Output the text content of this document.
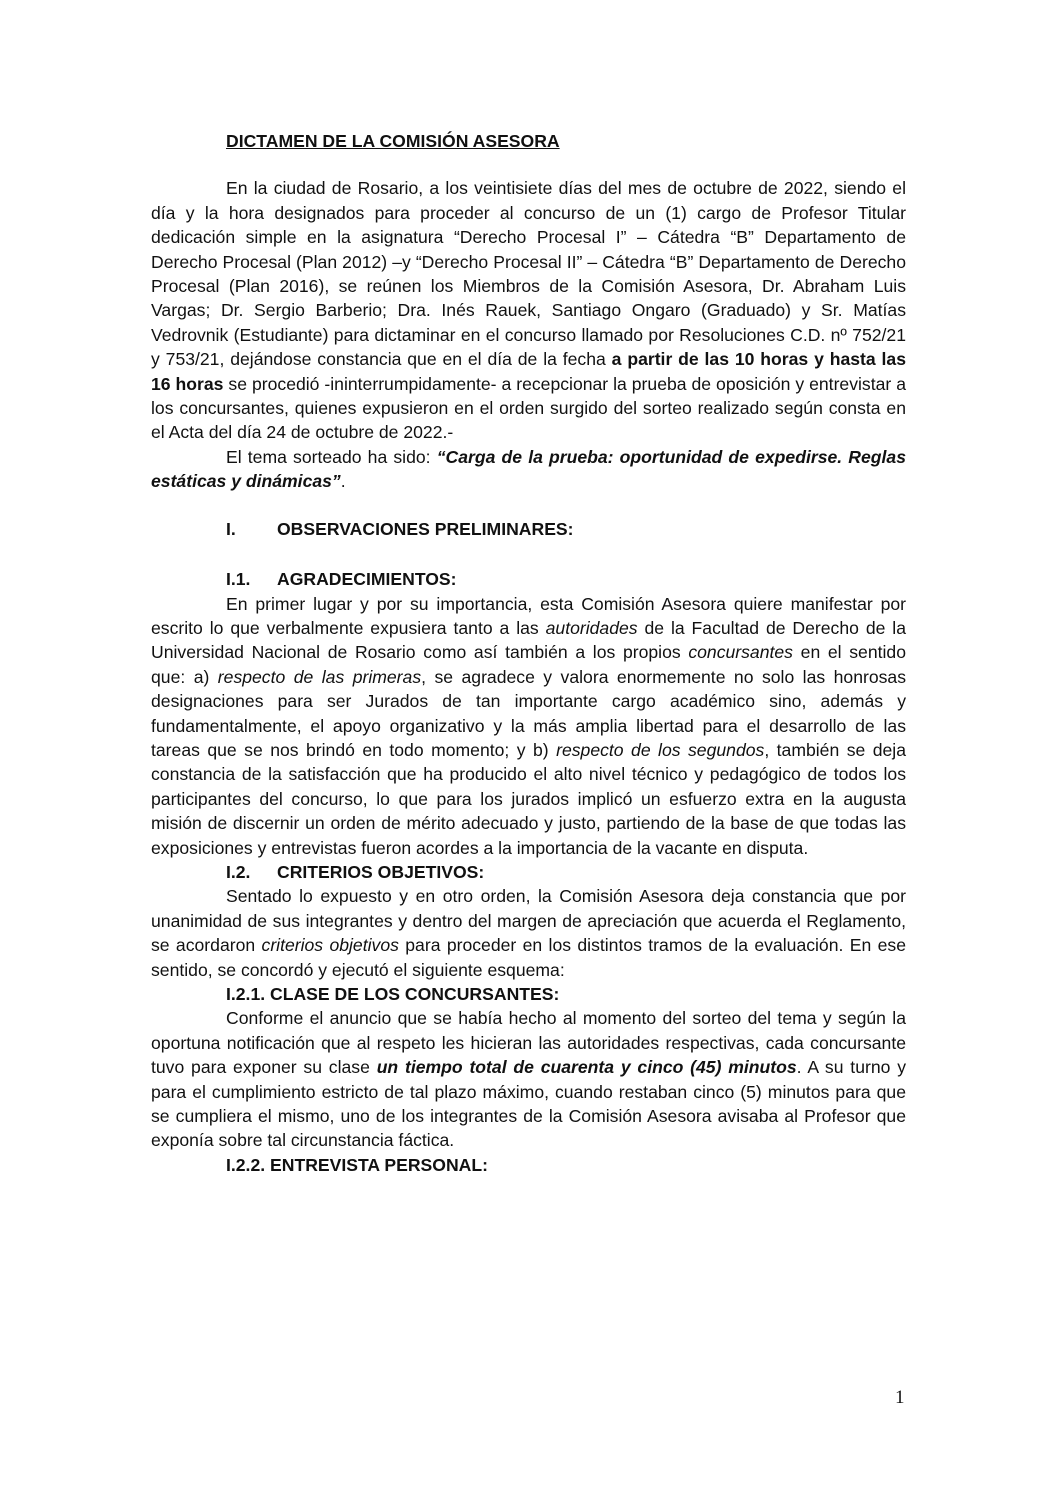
DICTAMEN DE LA COMISIÓN ASESORA

En la ciudad de Rosario, a los veintisiete días del mes de octubre de 2022, siendo el día y la hora designados para proceder al concurso de un (1) cargo de Profesor Titular dedicación simple en la asignatura “Derecho Procesal I” – Cátedra “B” Departamento de Derecho Procesal (Plan 2012) –y “Derecho Procesal II” – Cátedra “B” Departamento de Derecho Procesal (Plan 2016), se reúnen los Miembros de la Comisión Asesora, Dr. Abraham Luis Vargas; Dr. Sergio Barberio; Dra. Inés Rauek, Santiago Ongaro (Graduado) y Sr. Matías Vedrovnik (Estudiante) para dictaminar en el concurso llamado por Resoluciones C.D. nº 752/21 y 753/21, dejándose constancia que en el día de la fecha a partir de las 10 horas y hasta las 16 horas se procedió -ininterrumpidamente- a recepcionar la prueba de oposición y entrevistar a los concursantes, quienes expusieron en el orden surgido del sorteo realizado según consta en el Acta del día 24 de octubre de 2022.-

El tema sorteado ha sido: “Carga de la prueba: oportunidad de expedirse. Reglas estáticas y dinámicas”.

I. OBSERVACIONES PRELIMINARES:
I.1. AGRADECIMIENTOS:

En primer lugar y por su importancia, esta Comisión Asesora quiere manifestar por escrito lo que verbalmente expusiera tanto a las autoridades de la Facultad de Derecho de la Universidad Nacional de Rosario como así también a los propios concursantes en el sentido que: a) respecto de las primeras, se agradece y valora enormemente no solo las honrosas designaciones para ser Jurados de tan importante cargo académico sino, además y fundamentalmente, el apoyo organizativo y la más amplia libertad para el desarrollo de las tareas que se nos brindó en todo momento; y b) respecto de los segundos, también se deja constancia de la satisfacción que ha producido el alto nivel técnico y pedagógico de todos los participantes del concurso, lo que para los jurados implicó un esfuerzo extra en la augusta misión de discernir un orden de mérito adecuado y justo, partiendo de la base de que todas las exposiciones y entrevistas fueron acordes a la importancia de la vacante en disputa.

I.2. CRITERIOS OBJETIVOS:

Sentado lo expuesto y en otro orden, la Comisión Asesora deja constancia que por unanimidad de sus integrantes y dentro del margen de apreciación que acuerda el Reglamento, se acordaron criterios objetivos para proceder en los distintos tramos de la evaluación. En ese sentido, se concordó y ejecutó el siguiente esquema:

I.2.1. CLASE DE LOS CONCURSANTES:

Conforme el anuncio que se había hecho al momento del sorteo del tema y según la oportuna notificación que al respeto les hicieran las autoridades respectivas, cada concursante tuvo para exponer su clase un tiempo total de cuarenta y cinco (45) minutos. A su turno y para el cumplimiento estricto de tal plazo máximo, cuando restaban cinco (5) minutos para que se cumpliera el mismo, uno de los integrantes de la Comisión Asesora avisaba al Profesor que exponía sobre tal circunstancia fáctica.

I.2.2. ENTREVISTA PERSONAL:
1
